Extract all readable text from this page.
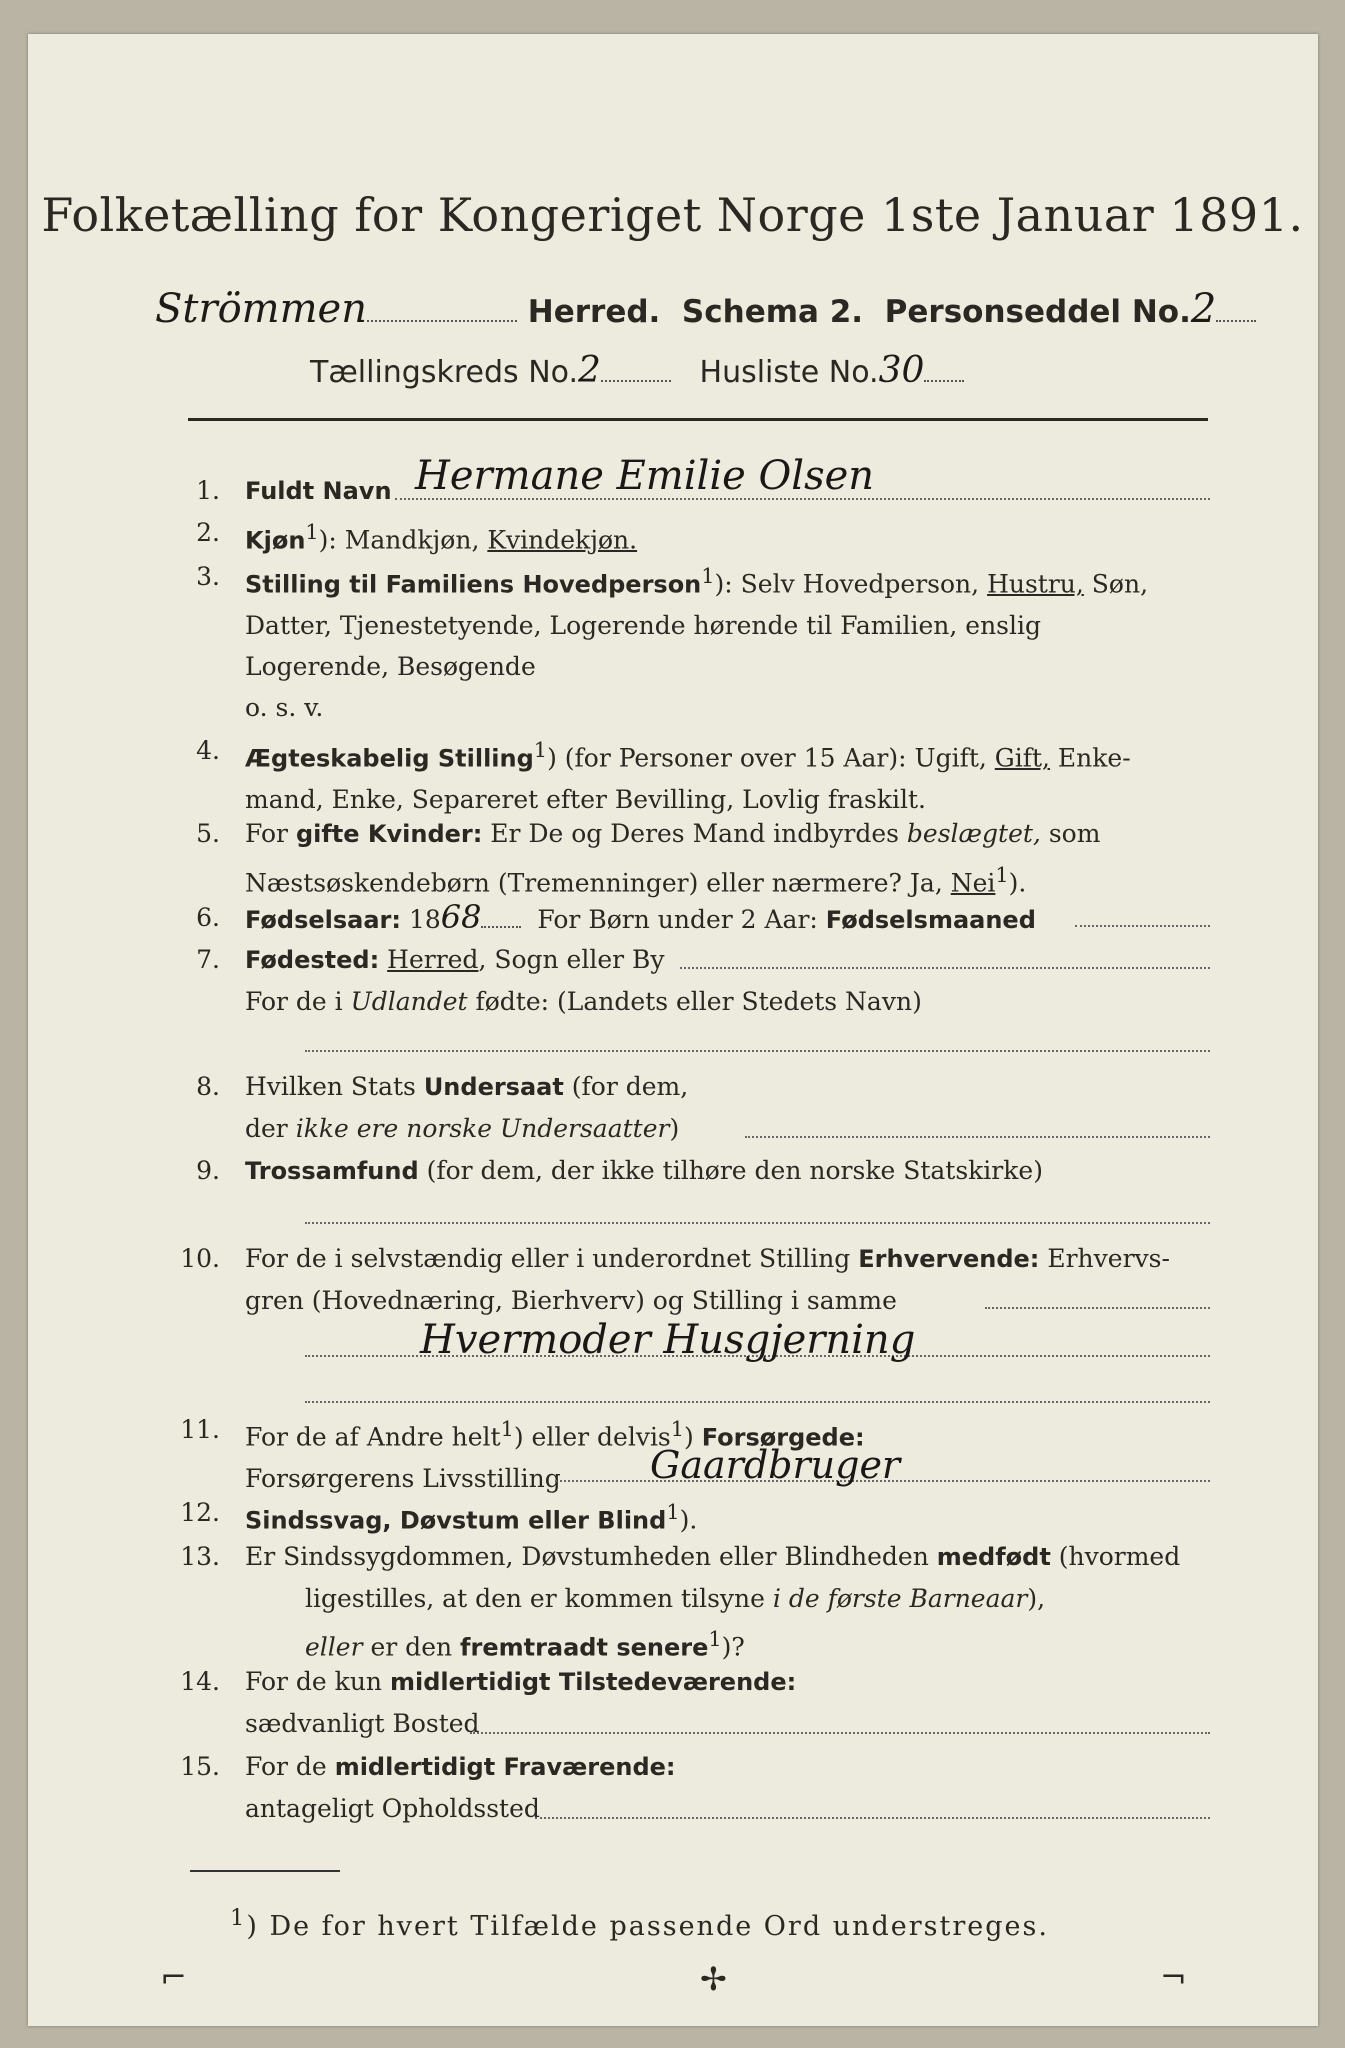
Folketælling for Kongeriget Norge 1ste Januar 1891.
Strömmen	Herred. Schema 2. Personseddel No.2
Tællingskreds No.2	Husliste No.30
1. Fuldt Navn Hermane Emilie Olsen
2. Kjøn$^1$): Mandkjøn, Kvindekjøn.
3. Stilling til Familiens Hovedperson$^1$): Selv Hovedperson, Hustru, Søn,
Datter, Tjenestetyende, Logerende hørende til Familien, enslig
Logerende, Besøgende
o. s. v.
4. Ægteskabelig Stilling$^1$) (for Personer over 15 Aar): Ugift, Gift, Enke-
mand, Enke, Separeret efter Bevilling, Lovlig fraskilt.
5. For gifte Kvinder: Er De og Deres Mand indbyrdes beslægtet, som
Næstsøskendebørn (Tremenninger) eller nærmere? Ja, Nei$^1$).
6. Fødselsaar: 1868 For Børn under 2 Aar: Fødselsmaaned
7. Fødested: Herred, Sogn eller By
For de i Udlandet fødte: (Landets eller Stedets Navn)
8. Hvilken Stats Undersaat (for dem,
der ikke ere norske Undersaatter)
9. Trossamfund (for dem, der ikke tilhøre den norske Statskirke)
10. For de i selvstændig eller i underordnet Stilling Erhvervende: Erhvervs-
gren (Hovednæring, Bierhverv) og Stilling i samme
Hvermoder Husgjerning
11. For de af Andre helt$^1$) eller delvis$^1$) Forsørgede:
Forsørgerens Livsstilling	Gaardbruger
12. Sindssvag, Døvstum eller Blind$^1$).
13. Er Sindssygdommen, Døvstumheden eller Blindheden medfødt (hvormed
ligestilles, at den er kommen tilsyne i de første Barneaar),
eller er den fremtraadt senere$^1$)?
14. For de kun midlertidigt Tilstedeværende:
sædvanligt Bosted
15. For de midlertidigt Fraværende:
antageligt Opholdssted
$^1$) De for hvert Tilfælde passende Ord understreges.
⌐	✢	¬
